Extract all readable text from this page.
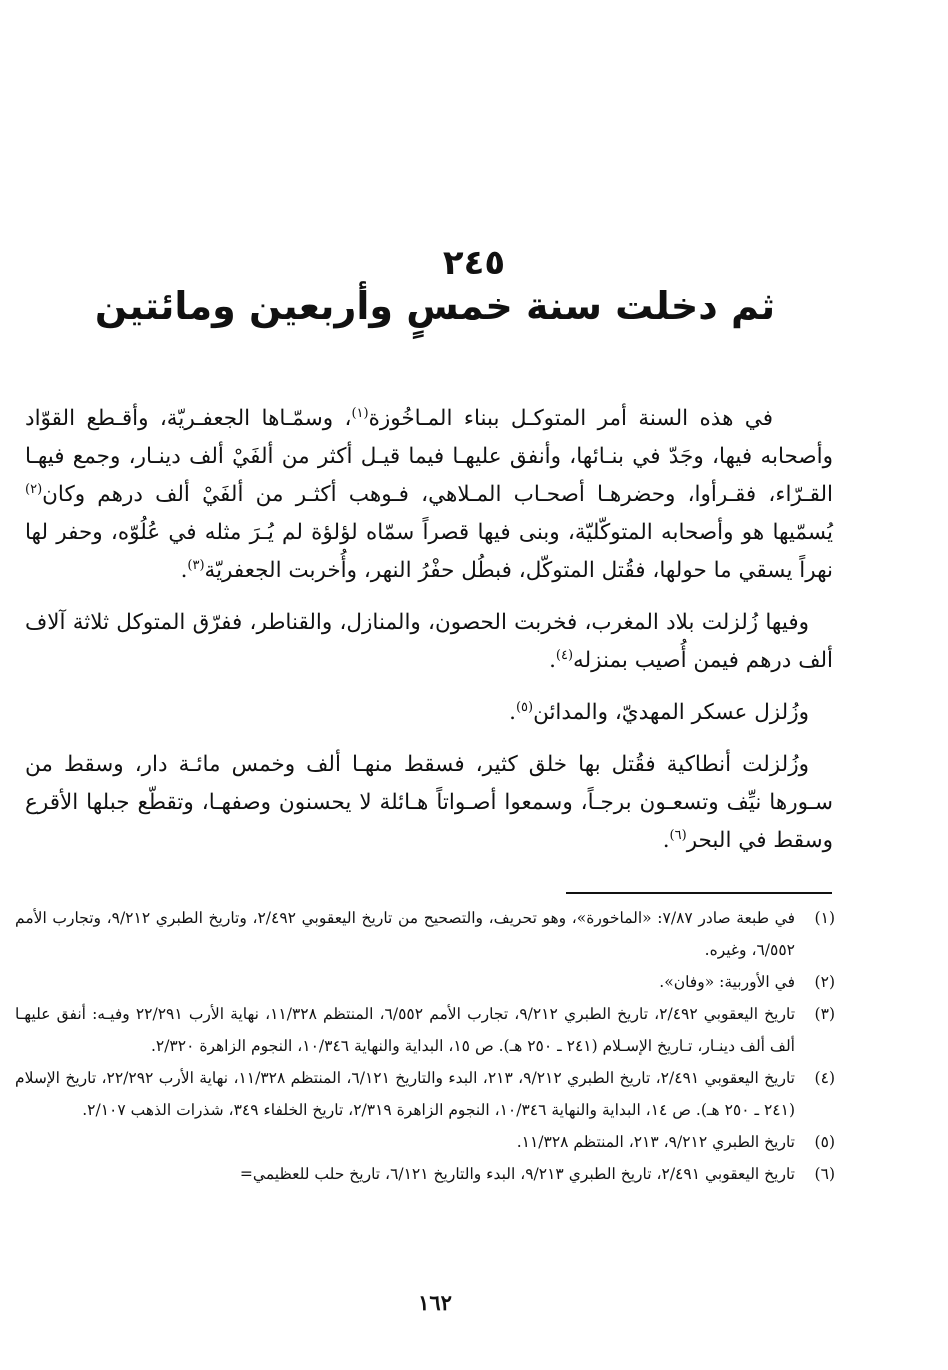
٢٤٥
ثم دخلت سنة خمسٍ وأربعين ومائتين

في هذه السنة أمر المتوكـل ببناء المـاخُوزة$^{(١)}$، وسمّـاها الجعفـريّة، وأقـطع القوّاد وأصحابه فيها، وجَدّ في بنـائها، وأنفق عليهـا فيما قيـل أكثر من ألفَيْ ألف دينـار، وجمع فيهـا القـرّاء، فقـرأوا، وحضرهـا أصحـاب المـلاهي، فـوهب أكثـر من ألفَيْ ألف درهم وكان$^{(٢)}$ يُسمّيها هو وأصحابه المتوكّليّة، وبنى فيها قصراً سمّاه لؤلؤة لم يُـرَ مثله في عُلُوّه، وحفر لها نهراً يسقي ما حولها، فقُتل المتوكّل، فبطُل حفْرُ النهر، وأُخربت الجعفريّة$^{(٣)}$.

وفيها زُلزلت بلاد المغرب، فخربت الحصون، والمنازل، والقناطر، ففرّق المتوكل ثلاثة آلاف ألف درهم فيمن أُصيب بمنزله$^{(٤)}$.

وزُلزل عسكر المهديّ، والمدائن$^{(٥)}$.

وزُلزلت أنطاكية فقُتل بها خلق كثير، فسقط منهـا ألف وخمس مائـة دار، وسقط من سـورها نيِّف وتسعـون برجـاً، وسمعوا أصـواتاً هـائلة لا يحسنون وصفهـا، وتقطّع جبلها الأقرع وسقط في البحر$^{(٦)}$.

(١)
في طبعة صادر ٧/٨٧: «الماخورة»، وهو تحريف، والتصحيح من تاريخ اليعقوبي ٢/٤٩٢، وتاريخ الطبري ٩/٢١٢، وتجارب الأمم ٦/٥٥٢، وغيره.
(٢)
في الأوربية: «وفان».
(٣)
تاريخ اليعقوبي ٢/٤٩٢، تاريخ الطبري ٩/٢١٢، تجارب الأمم ٦/٥٥٢، المنتظم ١١/٣٢٨، نهاية الأرب ٢٢/٢٩١ وفيـه: أنفق عليهـا ألف ألف دينـار، تـاريخ الإسـلام (٢٤١ ـ ٢٥٠ هـ). ص ١٥، البداية والنهاية ١٠/٣٤٦، النجوم الزاهرة ٢/٣٢٠.
(٤)
تاريخ اليعقوبي ٢/٤٩١، تاريخ الطبري ٩/٢١٢، ٢١٣، البدء والتاريخ ٦/١٢١، المنتظم ١١/٣٢٨، نهاية الأرب ٢٢/٢٩٢، تاريخ الإسلام (٢٤١ ـ ٢٥٠ هـ). ص ١٤، البداية والنهاية ١٠/٣٤٦، النجوم الزاهرة ٢/٣١٩، تاريخ الخلفاء ٣٤٩، شذرات الذهب ٢/١٠٧.
(٥)
تاريخ الطبري ٩/٢١٢، ٢١٣، المنتظم ١١/٣٢٨.
(٦)
تاريخ اليعقوبي ٢/٤٩١، تاريخ الطبري ٩/٢١٣، البدء والتاريخ ٦/١٢١، تاريخ حلب للعظيمي=
١٦٢
